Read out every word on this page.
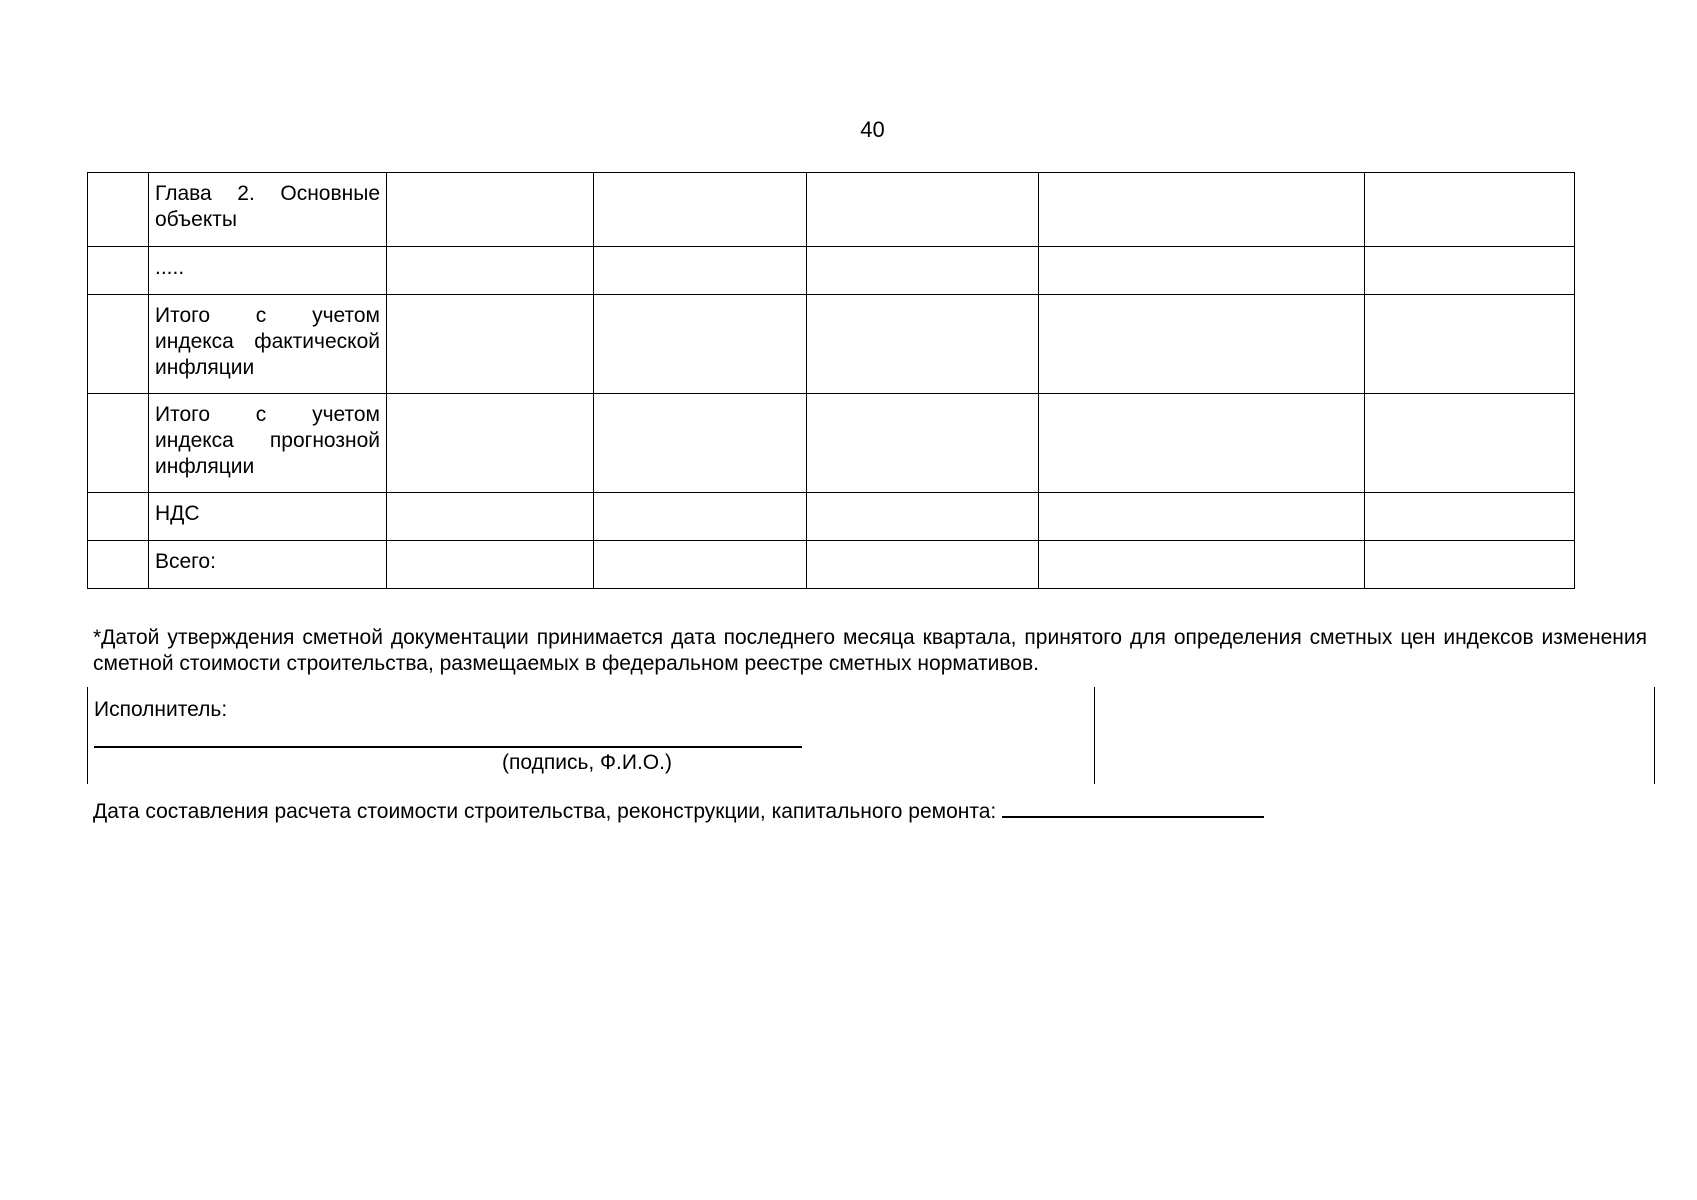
40
	Глава 2. Основные объекты					
	.....					
	Итого с учетом индекса фактической инфляции					
	Итого с учетом индекса прогнозной инфляции					
	НДС					
	Всего:					
*Датой утверждения сметной документации принимается дата последнего месяца квартала, принятого для определения сметных цен индексов изменения сметной стоимости строительства, размещаемых в федеральном реестре сметных нормативов.
Исполнитель:
(подпись, Ф.И.О.)
Дата составления расчета стоимости строительства, реконструкции, капитального ремонта:
